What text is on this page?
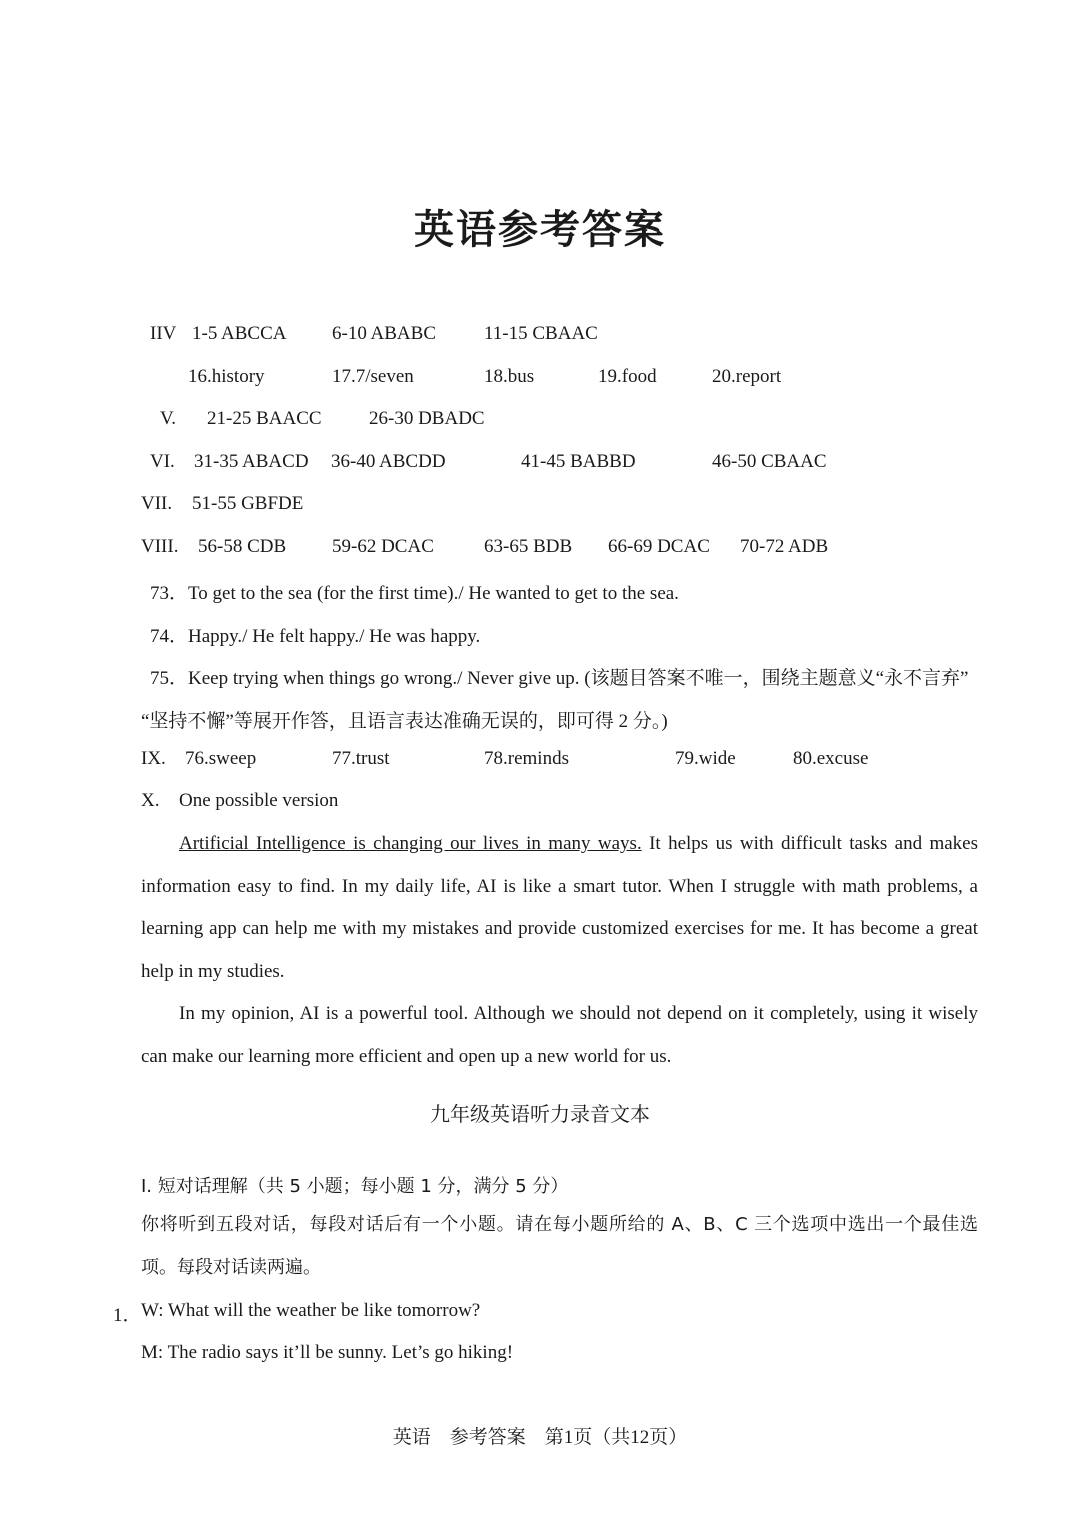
英语参考答案
IIV 1-5 ABCCA 6-10 ABABC	11-15 CBAAC
16.history	17.7/seven	18.bus	19.food	20.report
V. 21-25 BAACC 26-30 DBADC
VI. 31-35 ABACD 36-40 ABCDD	41-45 BABBD	46-50 CBAAC
VII. 51-55 GBFDE
VIII. 56-58 CDB 59-62 DCAC	63-65 BDB 66-69 DCAC 70-72 ADB
73．To get to the sea (for the first time)./ He wanted to get to the sea.
74．Happy./ He felt happy./ He was happy.
75．Keep trying when things go wrong./ Never give up. (该题目答案不唯一，围绕主题意义“永不言弃”
“坚持不懈”等展开作答，且语言表达准确无误的，即可得 2 分。)
IX. 76.sweep	77.trust	78.reminds	79.wide	80.excuse
X. One possible version
Artificial Intelligence is changing our lives in many ways. It helps us with difficult tasks and makes information easy to find. In my daily life, AI is like a smart tutor. When I struggle with math problems, a learning app can help me with my mistakes and provide customized exercises for me. It has become a great help in my studies.
In my opinion, AI is a powerful tool. Although we should not depend on it completely, using it wisely can make our learning more efficient and open up a new world for us.
九年级英语听力录音文本
I. 短对话理解（共 5 小题；每小题 1 分，满分 5 分）
你将听到五段对话，每段对话后有一个小题。请在每小题所给的 A、B、C 三个选项中选出一个最佳选项。每段对话读两遍。
1． W: What will the weather be like tomorrow?
M: The radio says it’ll be sunny. Let’s go hiking!
英语　参考答案　第1页（共12页）
